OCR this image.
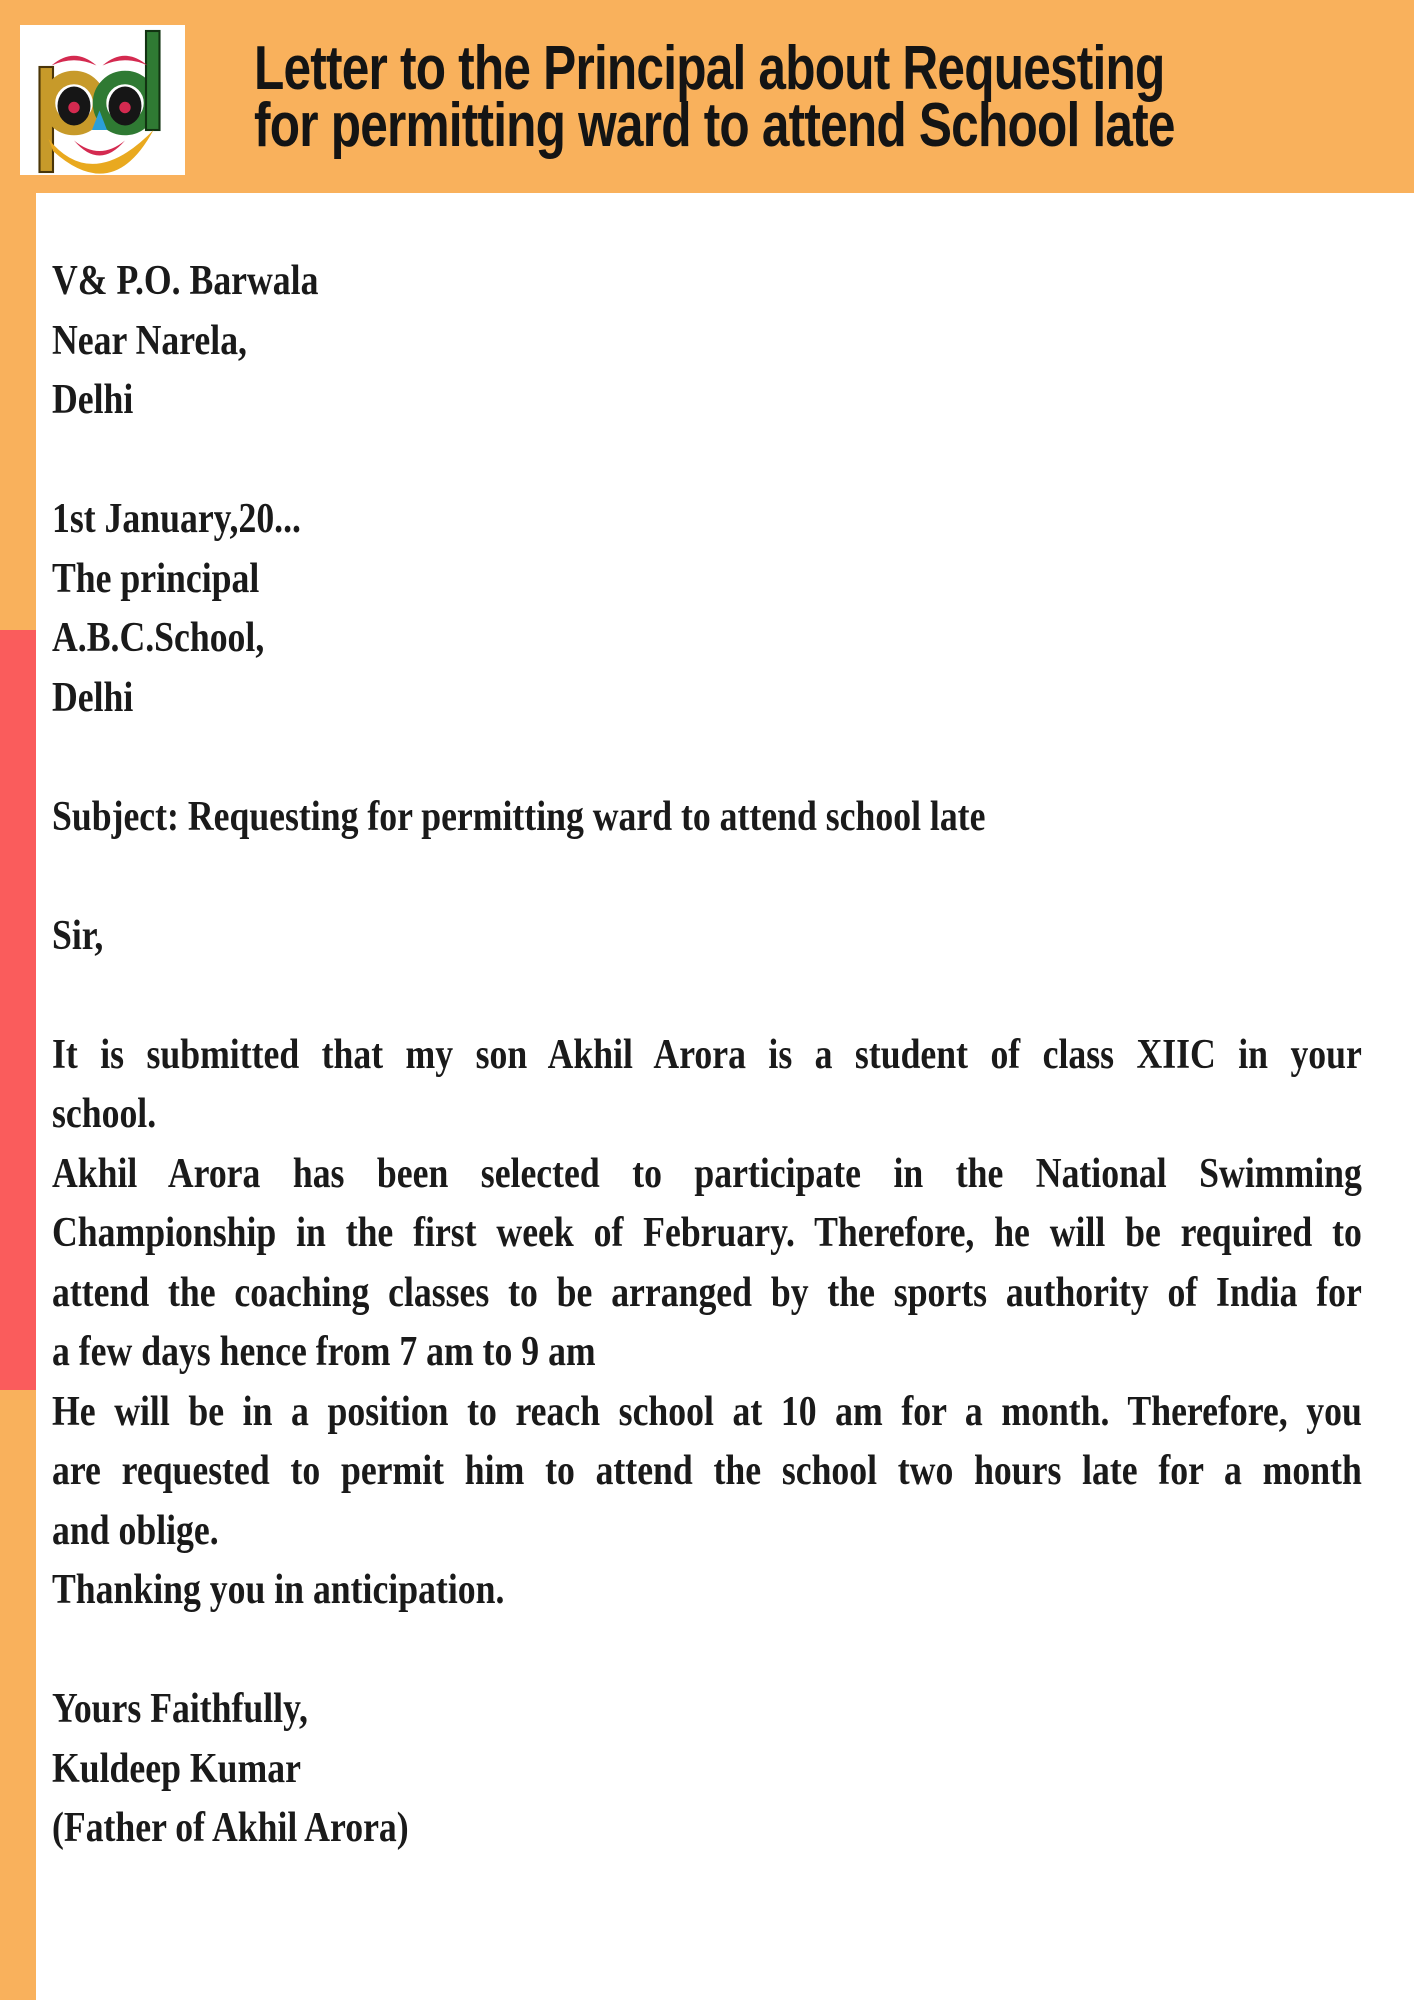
Letter to the Principal about Requesting
for permitting ward to attend School late
V& P.O. Barwala
Near Narela,
Delhi
1st January,20...
The principal
A.B.C.School,
Delhi
Subject: Requesting for permitting ward to attend school late
Sir,
It is submitted that my son Akhil Arora is a student of class XIIC in your
school.
Akhil Arora has been selected to participate in the National Swimming
Championship in the first week of February. Therefore, he will be required to
attend the coaching classes to be arranged by the sports authority of India for
a few days hence from 7 am to 9 am
He will be in a position to reach school at 10 am for a month. Therefore, you
are requested to permit him to attend the school two hours late for a month
and oblige.
Thanking you in anticipation.
Yours Faithfully,
Kuldeep Kumar
(Father of Akhil Arora)
